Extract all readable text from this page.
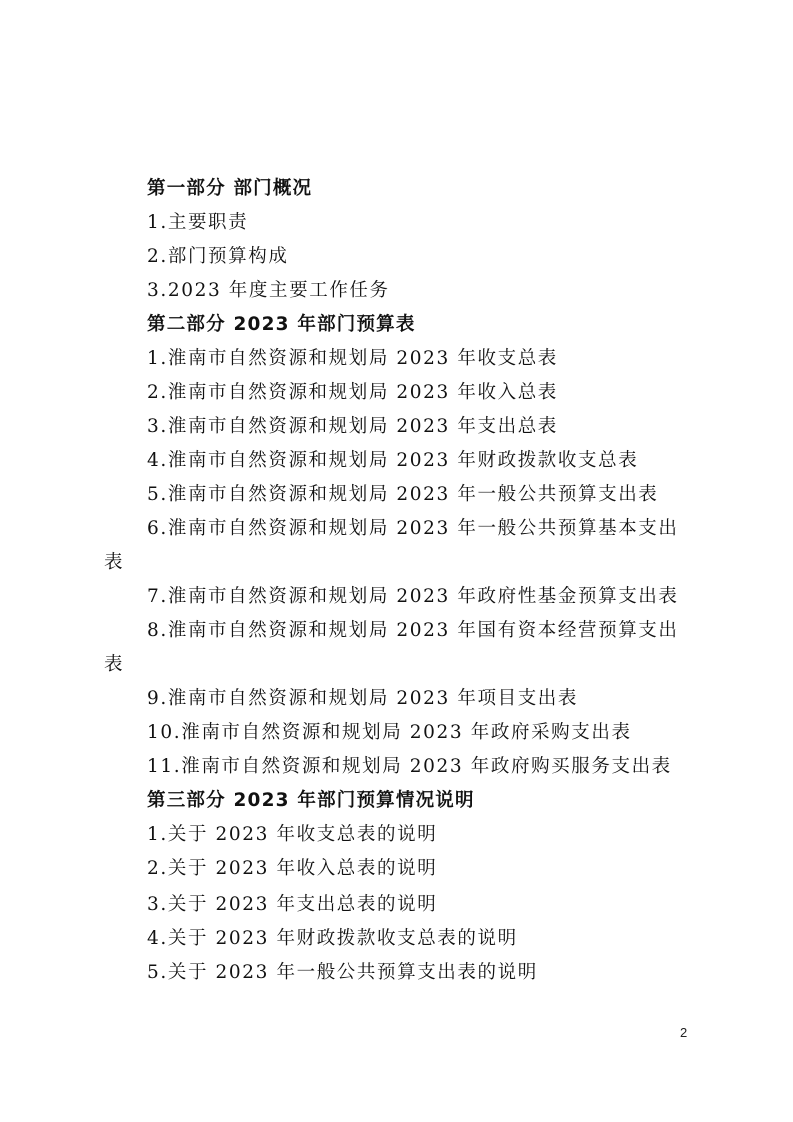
第一部分 部门概况
1.主要职责
2.部门预算构成
3.2023 年度主要工作任务
第二部分 2023 年部门预算表
1.淮南市自然资源和规划局 2023 年收支总表
2.淮南市自然资源和规划局 2023 年收入总表
3.淮南市自然资源和规划局 2023 年支出总表
4.淮南市自然资源和规划局 2023 年财政拨款收支总表
5.淮南市自然资源和规划局 2023 年一般公共预算支出表
6.淮南市自然资源和规划局 2023 年一般公共预算基本支出表
7.淮南市自然资源和规划局 2023 年政府性基金预算支出表
8.淮南市自然资源和规划局 2023 年国有资本经营预算支出表
9.淮南市自然资源和规划局 2023 年项目支出表
10.淮南市自然资源和规划局 2023 年政府采购支出表
11.淮南市自然资源和规划局 2023 年政府购买服务支出表
第三部分 2023 年部门预算情况说明
1.关于 2023 年收支总表的说明
2.关于 2023 年收入总表的说明
3.关于 2023 年支出总表的说明
4.关于 2023 年财政拨款收支总表的说明
5.关于 2023 年一般公共预算支出表的说明
2
